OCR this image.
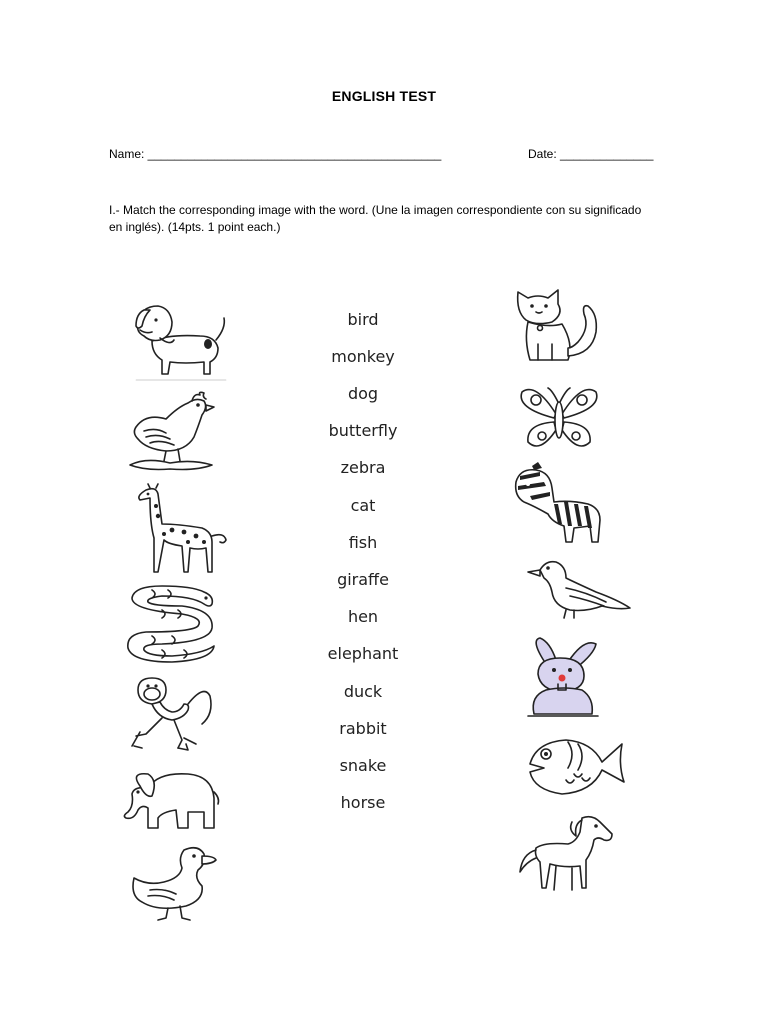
ENGLISH TEST
Name: ____________________________________________	Date: ______________
I.- Match the corresponding image with the word. (Une la imagen correspondiente con su significado en inglés). (14pts. 1 point each.)
bird
monkey
dog
butterfly
zebra
cat
fish
giraffe
hen
elephant
duck
rabbit
snake
horse
